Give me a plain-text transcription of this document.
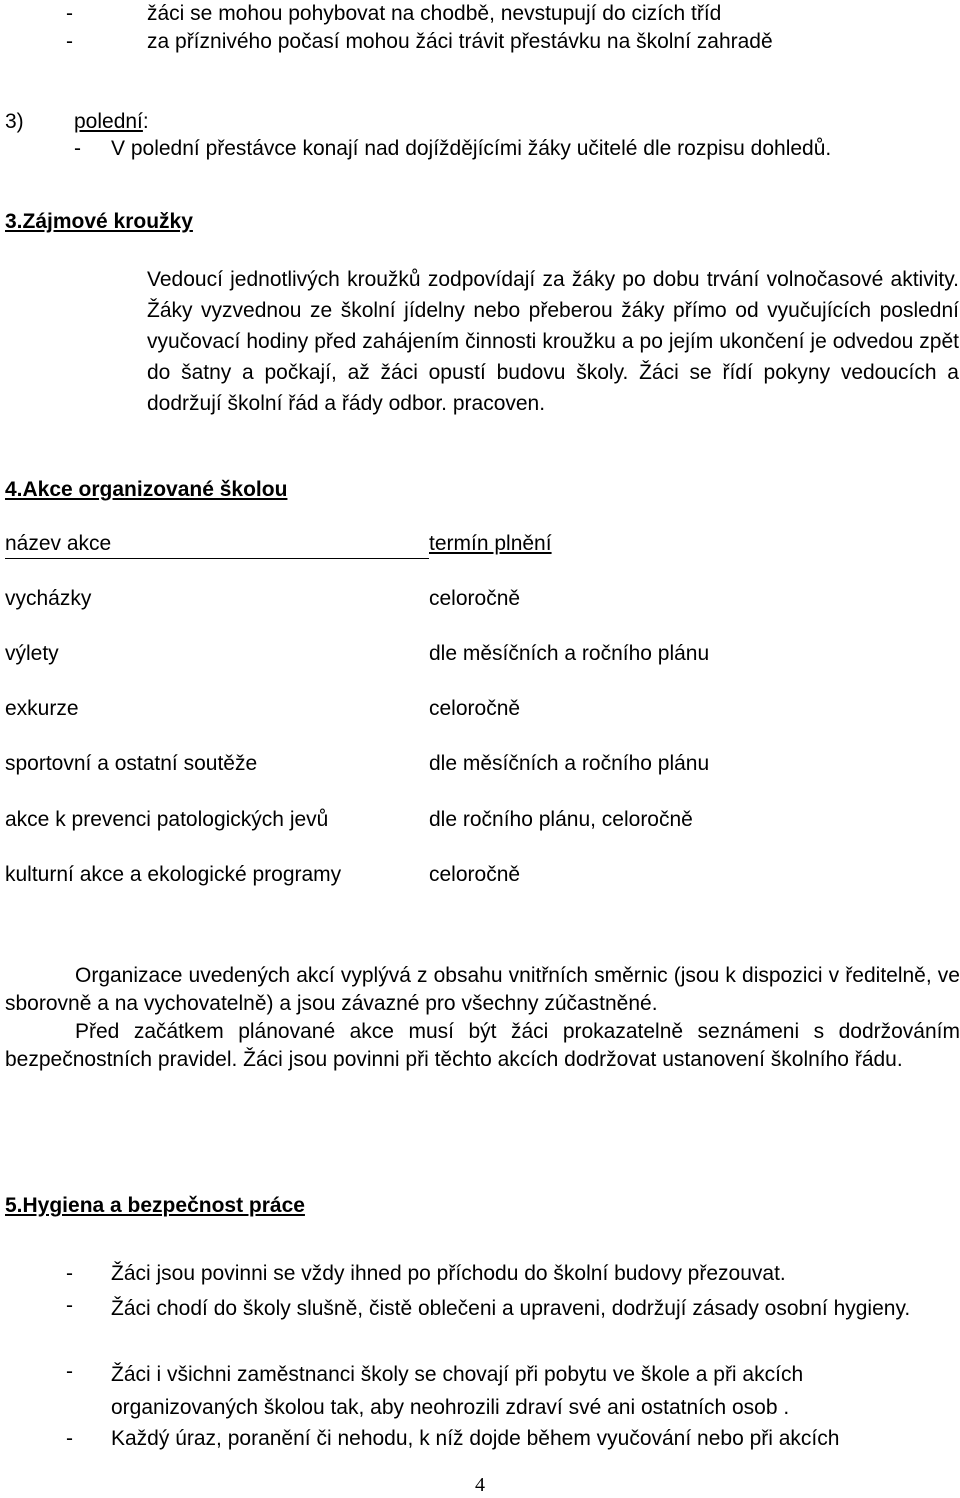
-	žáci se mohou pohybovat na chodbě, nevstupují do cizích tříd
-	za příznivého počasí mohou žáci trávit přestávku na školní zahradě
3) polední:
- V polední přestávce konají nad dojíždějícími žáky učitelé dle rozpisu dohledů.
3.Zájmové kroužky
Vedoucí jednotlivých kroužků zodpovídají za žáky po dobu trvání volnočasové aktivity. Žáky vyzvednou ze školní jídelny nebo přeberou žáky přímo od vyučujících poslední vyučovací hodiny před zahájením činnosti kroužku a po jejím ukončení je odvedou zpět do šatny a počkají, až žáci opustí budovu školy. Žáci se řídí pokyny vedoucích a dodržují školní řád a řády odbor. pracoven.
4.Akce organizované školou
název akce	termín plnění
vycházky	celoročně
výlety	dle měsíčních a ročního plánu
exkurze	celoročně
sportovní a ostatní soutěže	dle měsíčních a ročního plánu
akce k prevenci patologických jevů	dle ročního plánu, celoročně
kulturní akce a ekologické programy	celoročně
Organizace uvedených akcí vyplývá z obsahu vnitřních směrnic (jsou k dispozici v ředitelně, ve sborovně a na vychovatelně) a jsou závazné pro všechny zúčastněné.
Před začátkem plánované akce musí být žáci prokazatelně seznámeni s dodržováním bezpečnostních pravidel. Žáci jsou povinni při těchto akcích dodržovat ustanovení školního řádu.
5.Hygiena a bezpečnost práce
- Žáci jsou povinni se vždy ihned po příchodu do školní budovy přezouvat.
- Žáci chodí do školy slušně, čistě oblečeni a upraveni, dodržují zásady osobní hygieny.
- Žáci i všichni zaměstnanci školy se chovají při pobytu ve škole a při akcích organizovaných školou tak, aby neohrozili zdraví své ani ostatních osob .
- Každý úraz, poranění či nehodu, k níž dojde během vyučování nebo při akcích
4
